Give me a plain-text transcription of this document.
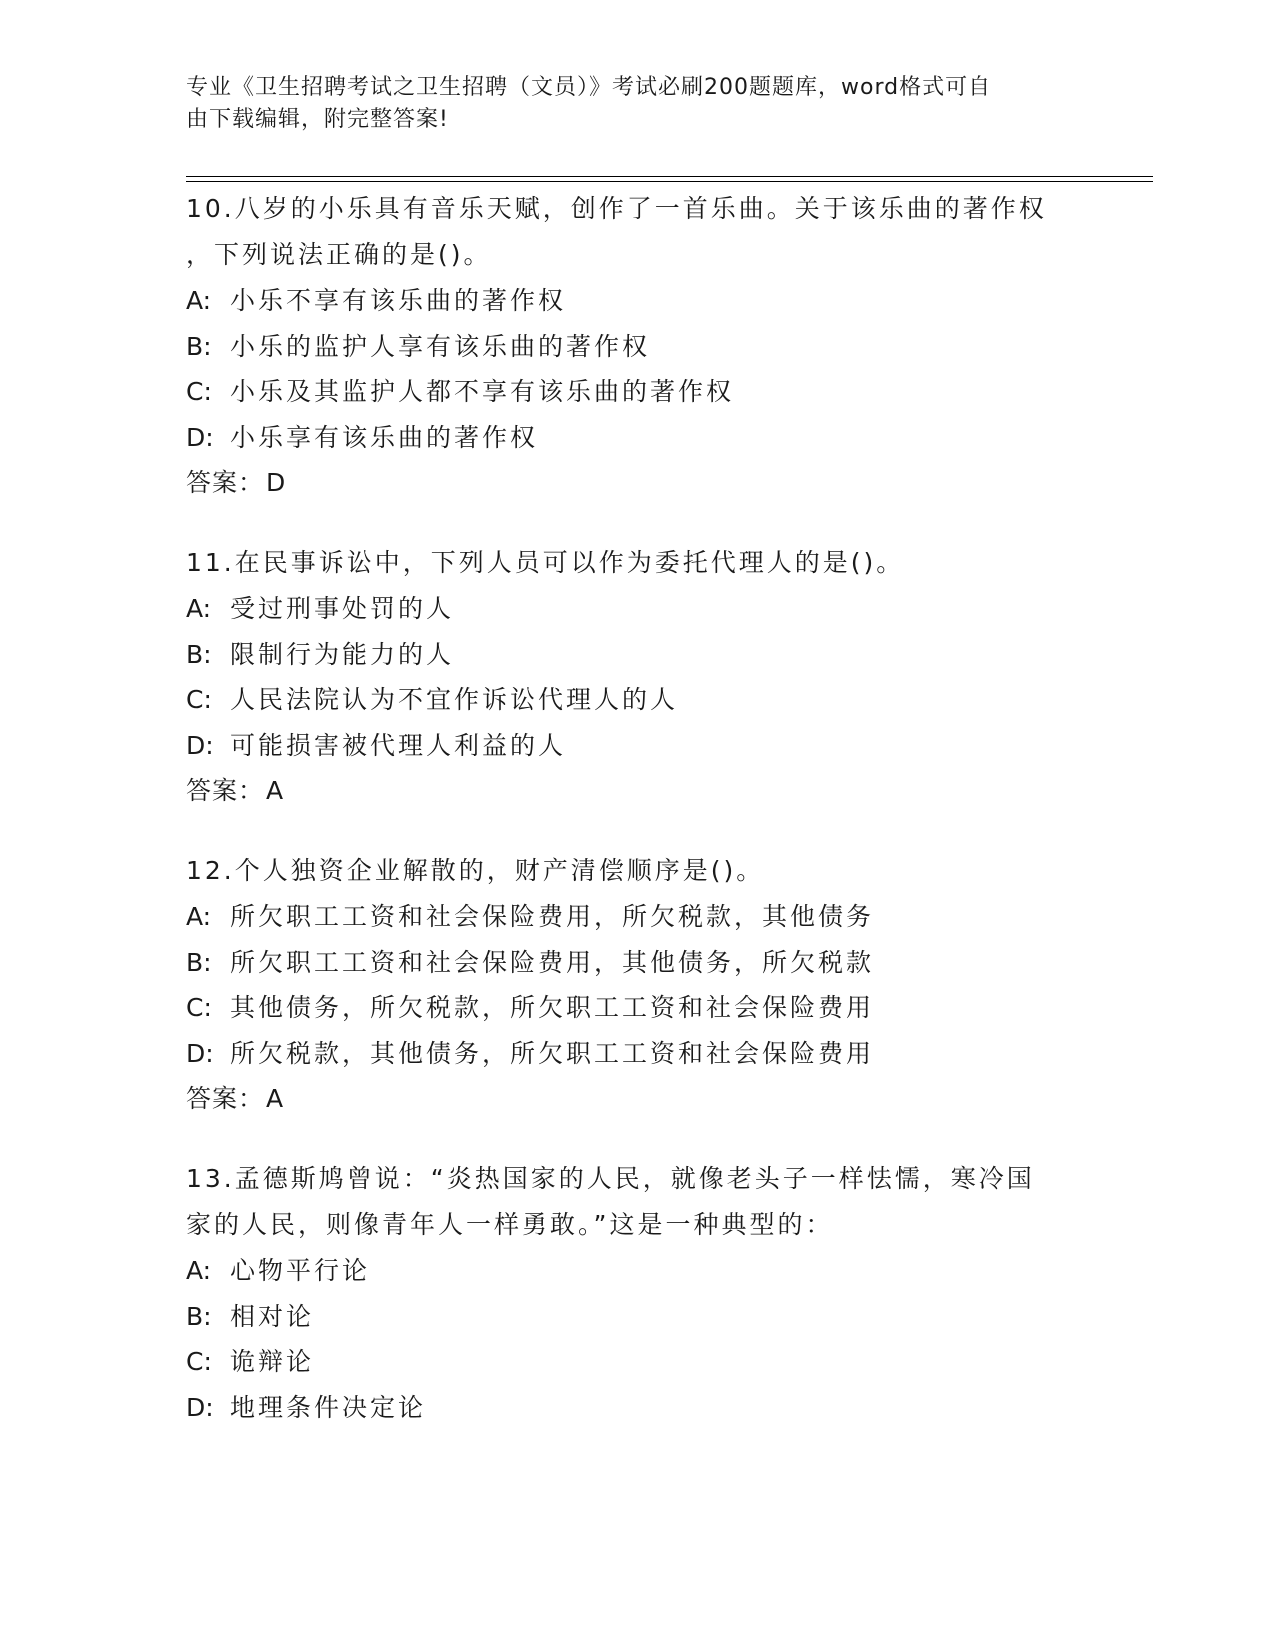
专业《卫生招聘考试之卫生招聘（文员）》考试必刷200题题库，word格式可自
由下载编辑，附完整答案!

10.八岁的小乐具有音乐天赋，创作了一首乐曲。关于该乐曲的著作权
，下列说法正确的是()。

A: 小乐不享有该乐曲的著作权

B: 小乐的监护人享有该乐曲的著作权

C: 小乐及其监护人都不享有该乐曲的著作权

D: 小乐享有该乐曲的著作权

答案：D

11.在民事诉讼中，下列人员可以作为委托代理人的是()。

A: 受过刑事处罚的人

B: 限制行为能力的人

C: 人民法院认为不宜作诉讼代理人的人

D: 可能损害被代理人利益的人

答案：A

12.个人独资企业解散的，财产清偿顺序是()。

A: 所欠职工工资和社会保险费用，所欠税款，其他债务

B: 所欠职工工资和社会保险费用，其他债务，所欠税款

C: 其他债务，所欠税款，所欠职工工资和社会保险费用

D: 所欠税款，其他债务，所欠职工工资和社会保险费用

答案：A

13.孟德斯鸠曾说：“炎热国家的人民，就像老头子一样怯懦，寒冷国
家的人民，则像青年人一样勇敢。”这是一种典型的：

A: 心物平行论

B: 相对论

C: 诡辩论

D: 地理条件决定论
